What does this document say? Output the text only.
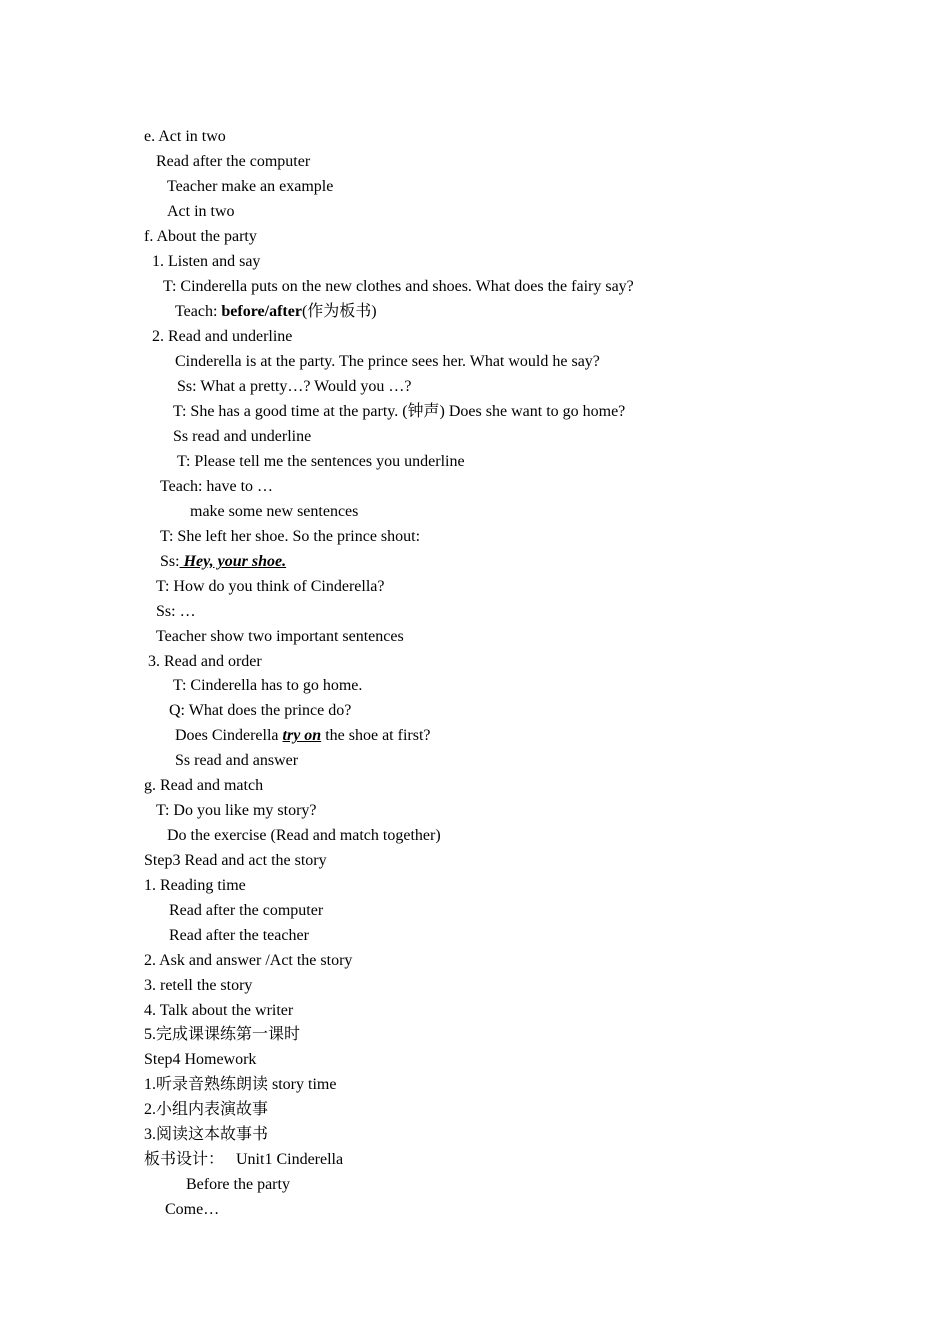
e. Act in two
Read after the computer
Teacher make an example
Act in two
f. About the party
1. Listen and say
T: Cinderella puts on the new clothes and shoes. What does the fairy say?
Teach: before/after(作为板书)
2. Read and underline
Cinderella is at the party. The prince sees her. What would he say?
Ss: What a pretty…? Would you …?
T: She has a good time at the party. (钟声) Does she want to go home?
Ss read and underline
T: Please tell me the sentences you underline
Teach: have to …
make some new sentences
T: She left her shoe. So the prince shout:
Ss: Hey, your shoe.
T: How do you think of Cinderella?
Ss: …
Teacher show two important sentences
3. Read and order
T: Cinderella has to go home.
Q: What does the prince do?
Does Cinderella try on the shoe at first?
Ss read and answer
g. Read and match
T: Do you like my story?
Do the exercise (Read and match together)
Step3 Read and act the story
1. Reading time
Read after the computer
Read after the teacher
2. Ask and answer /Act the story
3. retell the story
4. Talk about the writer
5.完成课课练第一课时
Step4 Homework
1.听录音熟练朗读 story time
2.小组内表演故事
3.阅读这本故事书
板书设计：   Unit1 Cinderella
Before the party
Come…
